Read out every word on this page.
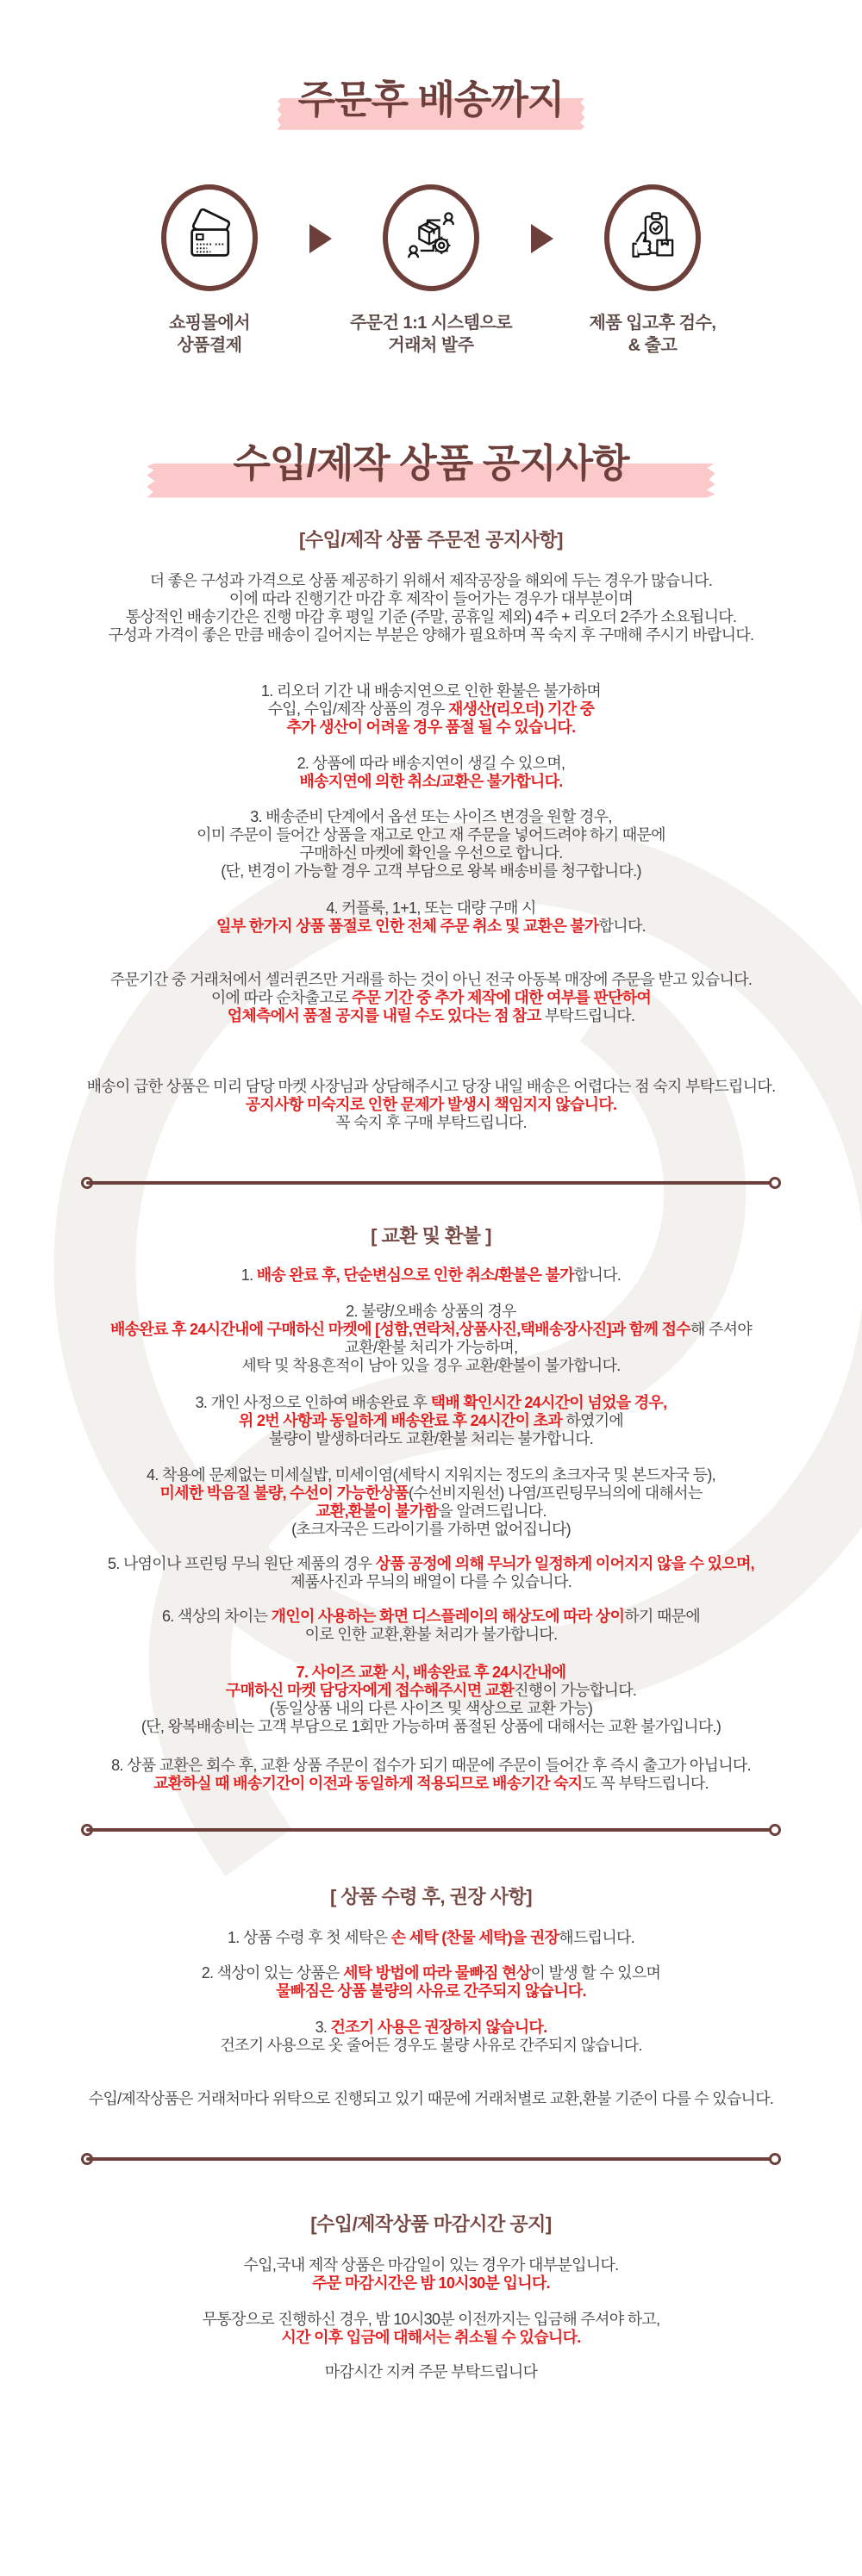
주문후 배송까지
쇼핑몰에서
상품결제
주문건 1:1 시스템으로
거래처 발주
제품 입고후 검수,
& 출고
수입/제작 상품 공지사항
[수입/제작 상품 주문전 공지사항]

더 좋은 구성과 가격으로 상품 제공하기 위해서 제작공장을 해외에 두는 경우가 많습니다.

이에 따라 진행기간 마감 후 제작이 들어가는 경우가 대부분이며

통상적인 배송기간은 진행 마감 후 평일 기준 (주말, 공휴일 제외) 4주 + 리오더 2주가 소요됩니다.

구성과 가격이 좋은 만큼 배송이 길어지는 부분은 양해가 필요하며 꼭 숙지 후 구매해 주시기 바랍니다.

1. 리오더 기간 내 배송지연으로 인한 환불은 불가하며

수입, 수입/제작 상품의 경우 재생산(리오더) 기간 중

추가 생산이 어려울 경우 품절 될 수 있습니다.

2. 상품에 따라 배송지연이 생길 수 있으며,

배송지연에 의한 취소/교환은 불가합니다.

3. 배송준비 단계에서 옵션 또는 사이즈 변경을 원할 경우,

이미 주문이 들어간 상품을 재고로 안고 재 주문을 넣어드려야 하기 때문에

구매하신 마켓에 확인을 우선으로 합니다.

(단, 변경이 가능할 경우 고객 부담으로 왕복 배송비를 청구합니다.)

4. 커플룩, 1+1, 또는 대량 구매 시

일부 한가지 상품 품절로 인한 전체 주문 취소 및 교환은 불가합니다.

주문기간 중 거래처에서 셀러퀸즈만 거래를 하는 것이 아닌 전국 아동복 매장에 주문을 받고 있습니다.

이에 따라 순차출고로 주문 기간 중 추가 제작에 대한 여부를 판단하여

업체측에서 품절 공지를 내릴 수도 있다는 점 참고 부탁드립니다.

배송이 급한 상품은 미리 담당 마켓 사장님과 상담해주시고 당장 내일 배송은 어렵다는 점 숙지 부탁드립니다.

공지사항 미숙지로 인한 문제가 발생시 책임지지 않습니다.

꼭 숙지 후 구매 부탁드립니다.

[ 교환 및 환불 ]

1. 배송 완료 후, 단순변심으로 인한 취소/환불은 불가합니다.

2. 불량/오배송 상품의 경우

배송완료 후 24시간내에 구매하신 마켓에 [성함,연락처,상품사진,택배송장사진]과 함께 접수해 주셔야

교환/환불 처리가 가능하며,

세탁 및 착용흔적이 남아 있을 경우 교환/환불이 불가합니다.

3. 개인 사정으로 인하여 배송완료 후 택배 확인시간 24시간이 넘었을 경우,

위 2번 사항과 동일하게 배송완료 후 24시간이 초과 하였기에

불량이 발생하더라도 교환/환불 처리는 불가합니다.

4. 착용에 문제없는 미세실밥, 미세이염(세탁시 지워지는 정도의 초크자국 및 본드자국 등),

미세한 박음질 불량, 수선이 가능한상품(수선비지원선) 나염/프린팅무늬의에 대해서는

교환,환불이 불가함을 알려드립니다.

(초크자국은 드라이기를 가하면 없어집니다)

5. 나염이나 프린팅 무늬 원단 제품의 경우 상품 공정에 의해 무늬가 일정하게 이어지지 않을 수 있으며,

제품사진과 무늬의 배열이 다를 수 있습니다.

6. 색상의 차이는 개인이 사용하는 화면 디스플레이의 해상도에 따라 상이하기 때문에

이로 인한 교환,환불 처리가 불가합니다.

7. 사이즈 교환 시, 배송완료 후 24시간내에

구매하신 마켓 담당자에게 접수해주시면 교환진행이 가능합니다.

(동일상품 내의 다른 사이즈 및 색상으로 교환 가능)

(단, 왕복배송비는 고객 부담으로 1회만 가능하며 품절된 상품에 대해서는 교환 불가입니다.)

8. 상품 교환은 회수 후, 교환 상품 주문이 접수가 되기 때문에 주문이 들어간 후 즉시 출고가 아닙니다.

교환하실 때 배송기간이 이전과 동일하게 적용되므로 배송기간 숙지도 꼭 부탁드립니다.

[ 상품 수령 후, 권장 사항]

1. 상품 수령 후 첫 세탁은 손 세탁 (찬물 세탁)을 권장해드립니다.

2. 색상이 있는 상품은 세탁 방법에 따라 물빠짐 현상이 발생 할 수 있으며

물빠짐은 상품 불량의 사유로 간주되지 않습니다.

3. 건조기 사용은 권장하지 않습니다.

건조기 사용으로 옷 줄어든 경우도 불량 사유로 간주되지 않습니다.

수입/제작상품은 거래처마다 위탁으로 진행되고 있기 때문에 거래처별로 교환,환불 기준이 다를 수 있습니다.

[수입/제작상품 마감시간 공지]

수입,국내 제작 상품은 마감일이 있는 경우가 대부분입니다.

주문 마감시간은 밤 10시30분 입니다.

무통장으로 진행하신 경우, 밤 10시30분 이전까지는 입금해 주셔야 하고,

시간 이후 입금에 대해서는 취소될 수 있습니다.

마감시간 지켜 주문 부탁드립니다
